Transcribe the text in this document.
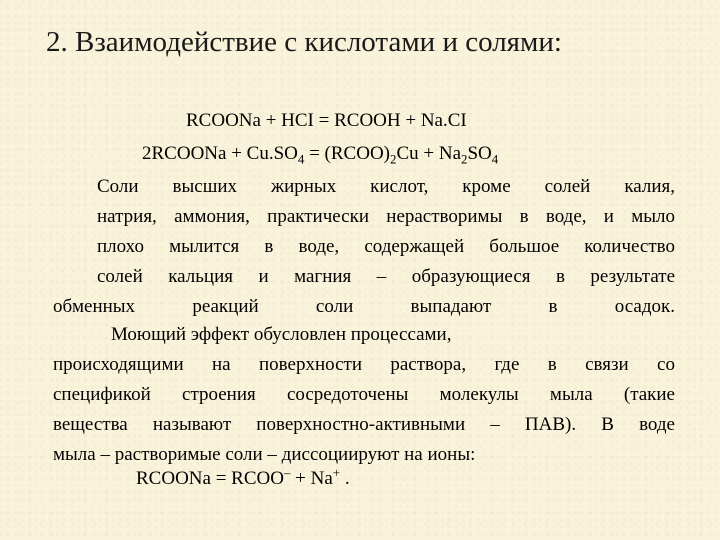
2. Взаимодействие с кислотами и солями:
RCOONa + HCI = RCOOH + Na.CI
2RCOONa + $Cu.SO_4$ = $(RCOO)_2Cu + Na_2SO_4$
Соли высших жирных кислот, кроме солей калия,
натрия, аммония, практически нерастворимы в воде, и мыло
плохо мылится в воде, содержащей большое количество
солей кальция и магния – образующиеся в результате
обменных реакций соли выпадают в осадок.
Моющий эффект обусловлен процессами,
происходящими на поверхности раствора, где в связи со
спецификой строения сосредоточены молекулы мыла (такие
вещества называют поверхностно-активными – ПАВ). В воде
мыла – растворимые соли – диссоциируют на ионы:
RCOONa = RCOO– + Na+ .
